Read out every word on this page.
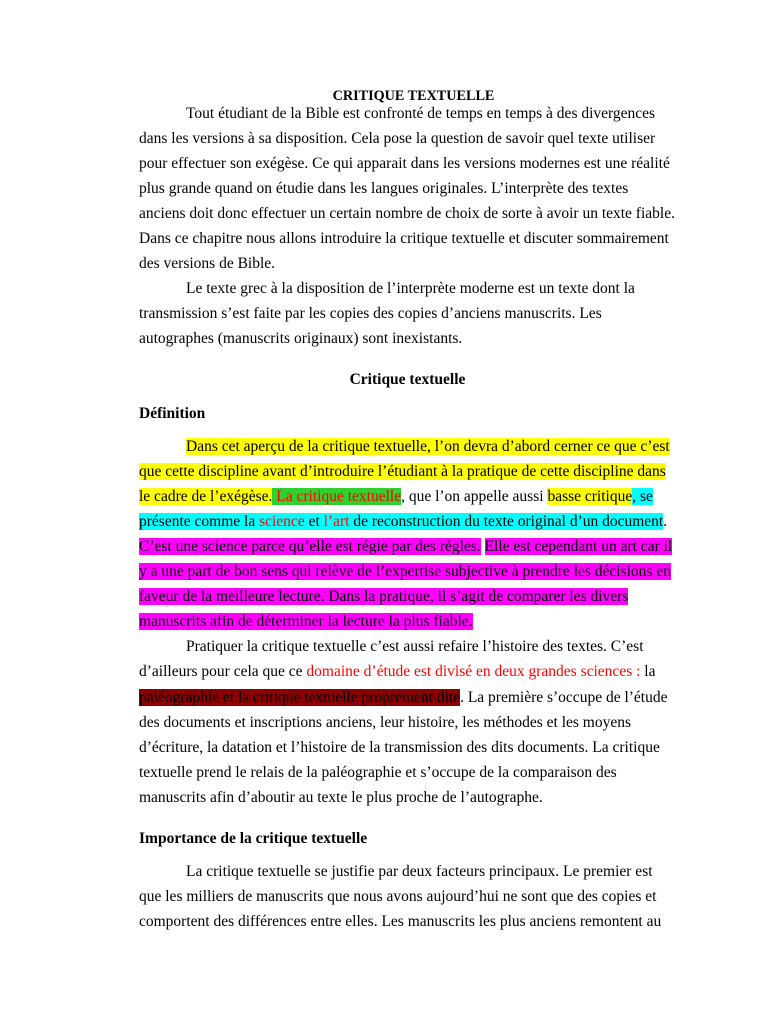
CRITIQUE TEXTUELLE
Tout étudiant de la Bible est confronté de temps en temps à des divergences
dans les versions à sa disposition. Cela pose la question de savoir quel texte utiliser
pour effectuer son exégèse. Ce qui apparait dans les versions modernes est une réalité
plus grande quand on étudie dans les langues originales. L’interprète des textes
anciens doit donc effectuer un certain nombre de choix de sorte à avoir un texte fiable.
Dans ce chapitre nous allons introduire la critique textuelle et discuter sommairement
des versions de Bible.
Le texte grec à la disposition de l’interprète moderne est un texte dont la
transmission s’est faite par les copies des copies d’anciens manuscrits. Les
autographes (manuscrits originaux) sont inexistants.
Critique textuelle
Définition
Dans cet aperçu de la critique textuelle, l’on devra d’abord cerner ce que c’est
que cette discipline avant d’introduire l’étudiant à la pratique de cette discipline dans
le cadre de l’exégèse. La critique textuelle, que l’on appelle aussi basse critique, se
présente comme la science et l’art de reconstruction du texte original d’un document.
C’est une science parce qu’elle est régie par des règles. Elle est cependant un art car il
y a une part de bon sens qui relève de l’expertise subjective à prendre les décisions en
faveur de la meilleure lecture. Dans la pratique, il s’agit de comparer les divers
manuscrits afin de déterminer la lecture la plus fiable.
Pratiquer la critique textuelle c’est aussi refaire l’histoire des textes. C’est
d’ailleurs pour cela que ce domaine d’étude est divisé en deux grandes sciences : la
paléographie et la critique textuelle proprement dite. La première s’occupe de l’étude
des documents et inscriptions anciens, leur histoire, les méthodes et les moyens
d’écriture, la datation et l’histoire de la transmission des dits documents. La critique
textuelle prend le relais de la paléographie et s’occupe de la comparaison des
manuscrits afin d’aboutir au texte le plus proche de l’autographe.
Importance de la critique textuelle
La critique textuelle se justifie par deux facteurs principaux. Le premier est
que les milliers de manuscrits que nous avons aujourd’hui ne sont que des copies et
comportent des différences entre elles. Les manuscrits les plus anciens remontent au
